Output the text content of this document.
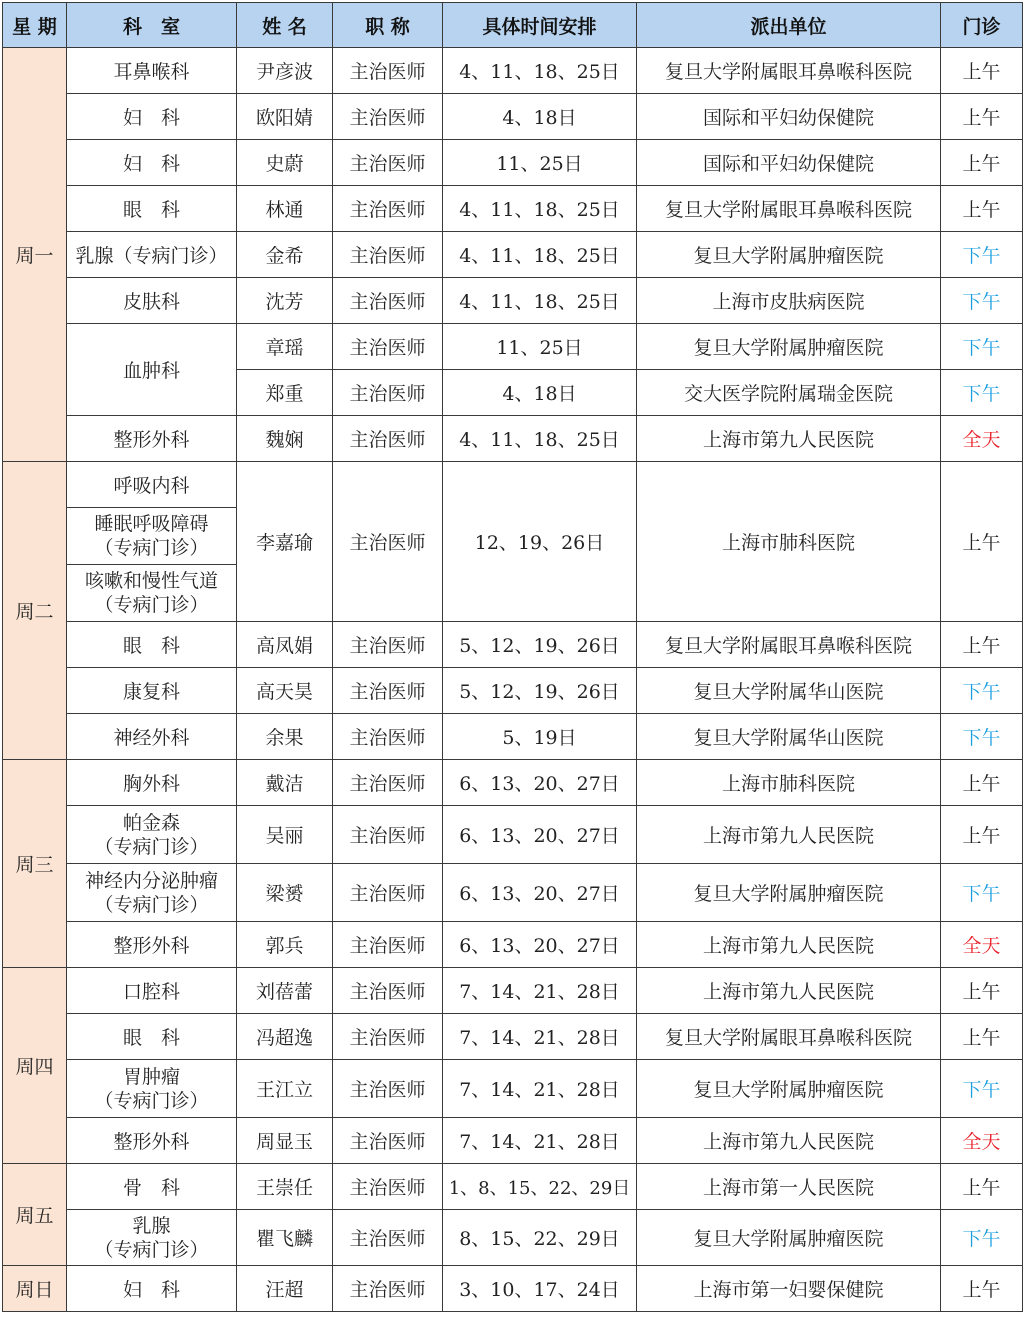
星 期	科　室	姓 名	职 称	具体时间安排	派出单位	门诊
周一	耳鼻喉科	尹彦波	主治医师	4、11、18、25日	复旦大学附属眼耳鼻喉科医院	上午
	妇　科	欧阳婧	主治医师	4、18日	国际和平妇幼保健院	上午
	妇　科	史蔚	主治医师	11、25日	国际和平妇幼保健院	上午
	眼　科	林通	主治医师	4、11、18、25日	复旦大学附属眼耳鼻喉科医院	上午
	乳腺（专病门诊）	金希	主治医师	4、11、18、25日	复旦大学附属肿瘤医院	下午
	皮肤科	沈芳	主治医师	4、11、18、25日	上海市皮肤病医院	下午
	血肿科	章瑶	主治医师	11、25日	复旦大学附属肿瘤医院	下午
		郑重	主治医师	4、18日	交大医学院附属瑞金医院	下午
	整形外科	魏娴	主治医师	4、11、18、25日	上海市第九人民医院	全天
周二	呼吸内科	李嘉瑜	主治医师	12、19、26日	上海市肺科医院	上午
	睡眠呼吸障碍
（专病门诊）					
	咳嗽和慢性气道
（专病门诊）					
	眼　科	高凤娟	主治医师	5、12、19、26日	复旦大学附属眼耳鼻喉科医院	上午
	康复科	高天昊	主治医师	5、12、19、26日	复旦大学附属华山医院	下午
	神经外科	余果	主治医师	5、19日	复旦大学附属华山医院	下午
周三	胸外科	戴洁	主治医师	6、13、20、27日	上海市肺科医院	上午
	帕金森
（专病门诊）	吴丽	主治医师	6、13、20、27日	上海市第九人民医院	上午
	神经内分泌肿瘤
（专病门诊）	梁赟	主治医师	6、13、20、27日	复旦大学附属肿瘤医院	下午
	整形外科	郭兵	主治医师	6、13、20、27日	上海市第九人民医院	全天
周四	口腔科	刘蓓蕾	主治医师	7、14、21、28日	上海市第九人民医院	上午
	眼　科	冯超逸	主治医师	7、14、21、28日	复旦大学附属眼耳鼻喉科医院	上午
	胃肿瘤
（专病门诊）	王江立	主治医师	7、14、21、28日	复旦大学附属肿瘤医院	下午
	整形外科	周显玉	主治医师	7、14、21、28日	上海市第九人民医院	全天
周五	骨　科	王崇任	主治医师	1、8、15、22、29日	上海市第一人民医院	上午
	乳腺
（专病门诊）	瞿飞麟	主治医师	8、15、22、29日	复旦大学附属肿瘤医院	下午
周日	妇　科	汪超	主治医师	3、10、17、24日	上海市第一妇婴保健院	上午
